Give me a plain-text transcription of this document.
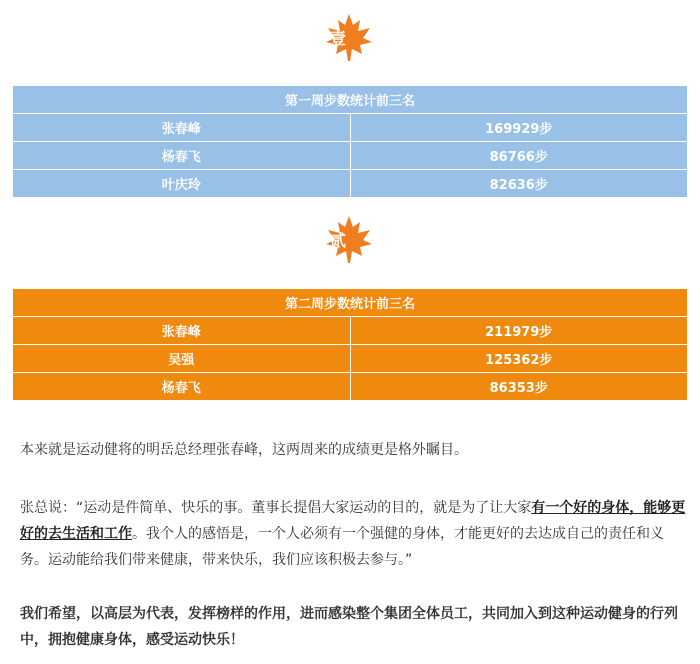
壹
第一周步数统计前三名	
张春峰	169929步
杨春飞	86766步
叶庆玲	82636步
贰
第二周步数统计前三名	
张春峰	211979步
吴强	125362步
杨春飞	86353步

本来就是运动健将的明岳总经理张春峰，这两周来的成绩更是格外瞩目。

张总说：“运动是件简单、快乐的事。董事长提倡大家运动的目的，就是为了让大家有一个好的身体，能够更好的去生活和工作。我个人的感悟是，一个人必须有一个强健的身体，才能更好的去达成自己的责任和义务。运动能给我们带来健康，带来快乐，我们应该积极去参与。”

我们希望，以高层为代表，发挥榜样的作用，进而感染整个集团全体员工，共同加入到这种运动健身的行列中，拥抱健康身体，感受运动快乐！
